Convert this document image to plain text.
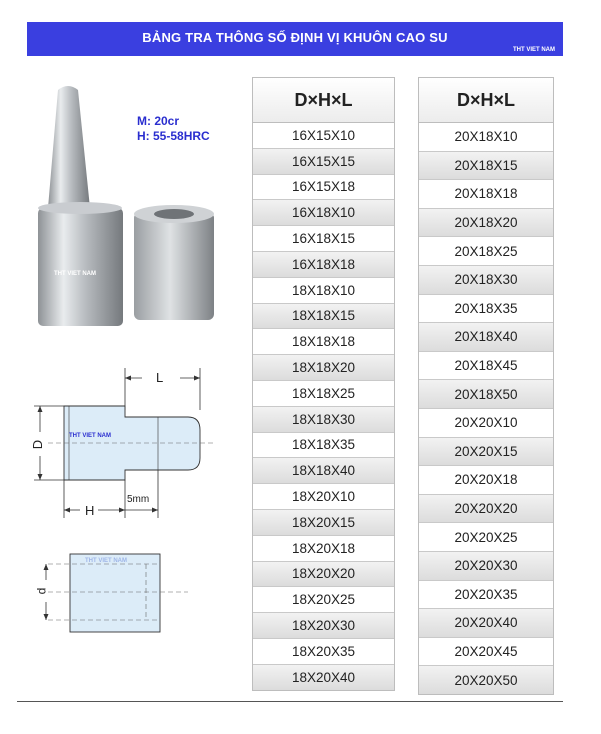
BẢNG TRA THÔNG SỐ ĐỊNH VỊ KHUÔN CAO SU
THT VIET NAM
THT VIET NAM
M: 20cr
H: 55-58HRC
L
D
H
5mm
d
THT VIET NAM
THT VIET NAM
D×H×L
16X15X10
16X15X15
16X15X18
16X18X10
16X18X15
16X18X18
18X18X10
18X18X15
18X18X18
18X18X20
18X18X25
18X18X30
18X18X35
18X18X40
18X20X10
18X20X15
18X20X18
18X20X20
18X20X25
18X20X30
18X20X35
18X20X40
D×H×L
20X18X10
20X18X15
20X18X18
20X18X20
20X18X25
20X18X30
20X18X35
20X18X40
20X18X45
20X18X50
20X20X10
20X20X15
20X20X18
20X20X20
20X20X25
20X20X30
20X20X35
20X20X40
20X20X45
20X20X50
